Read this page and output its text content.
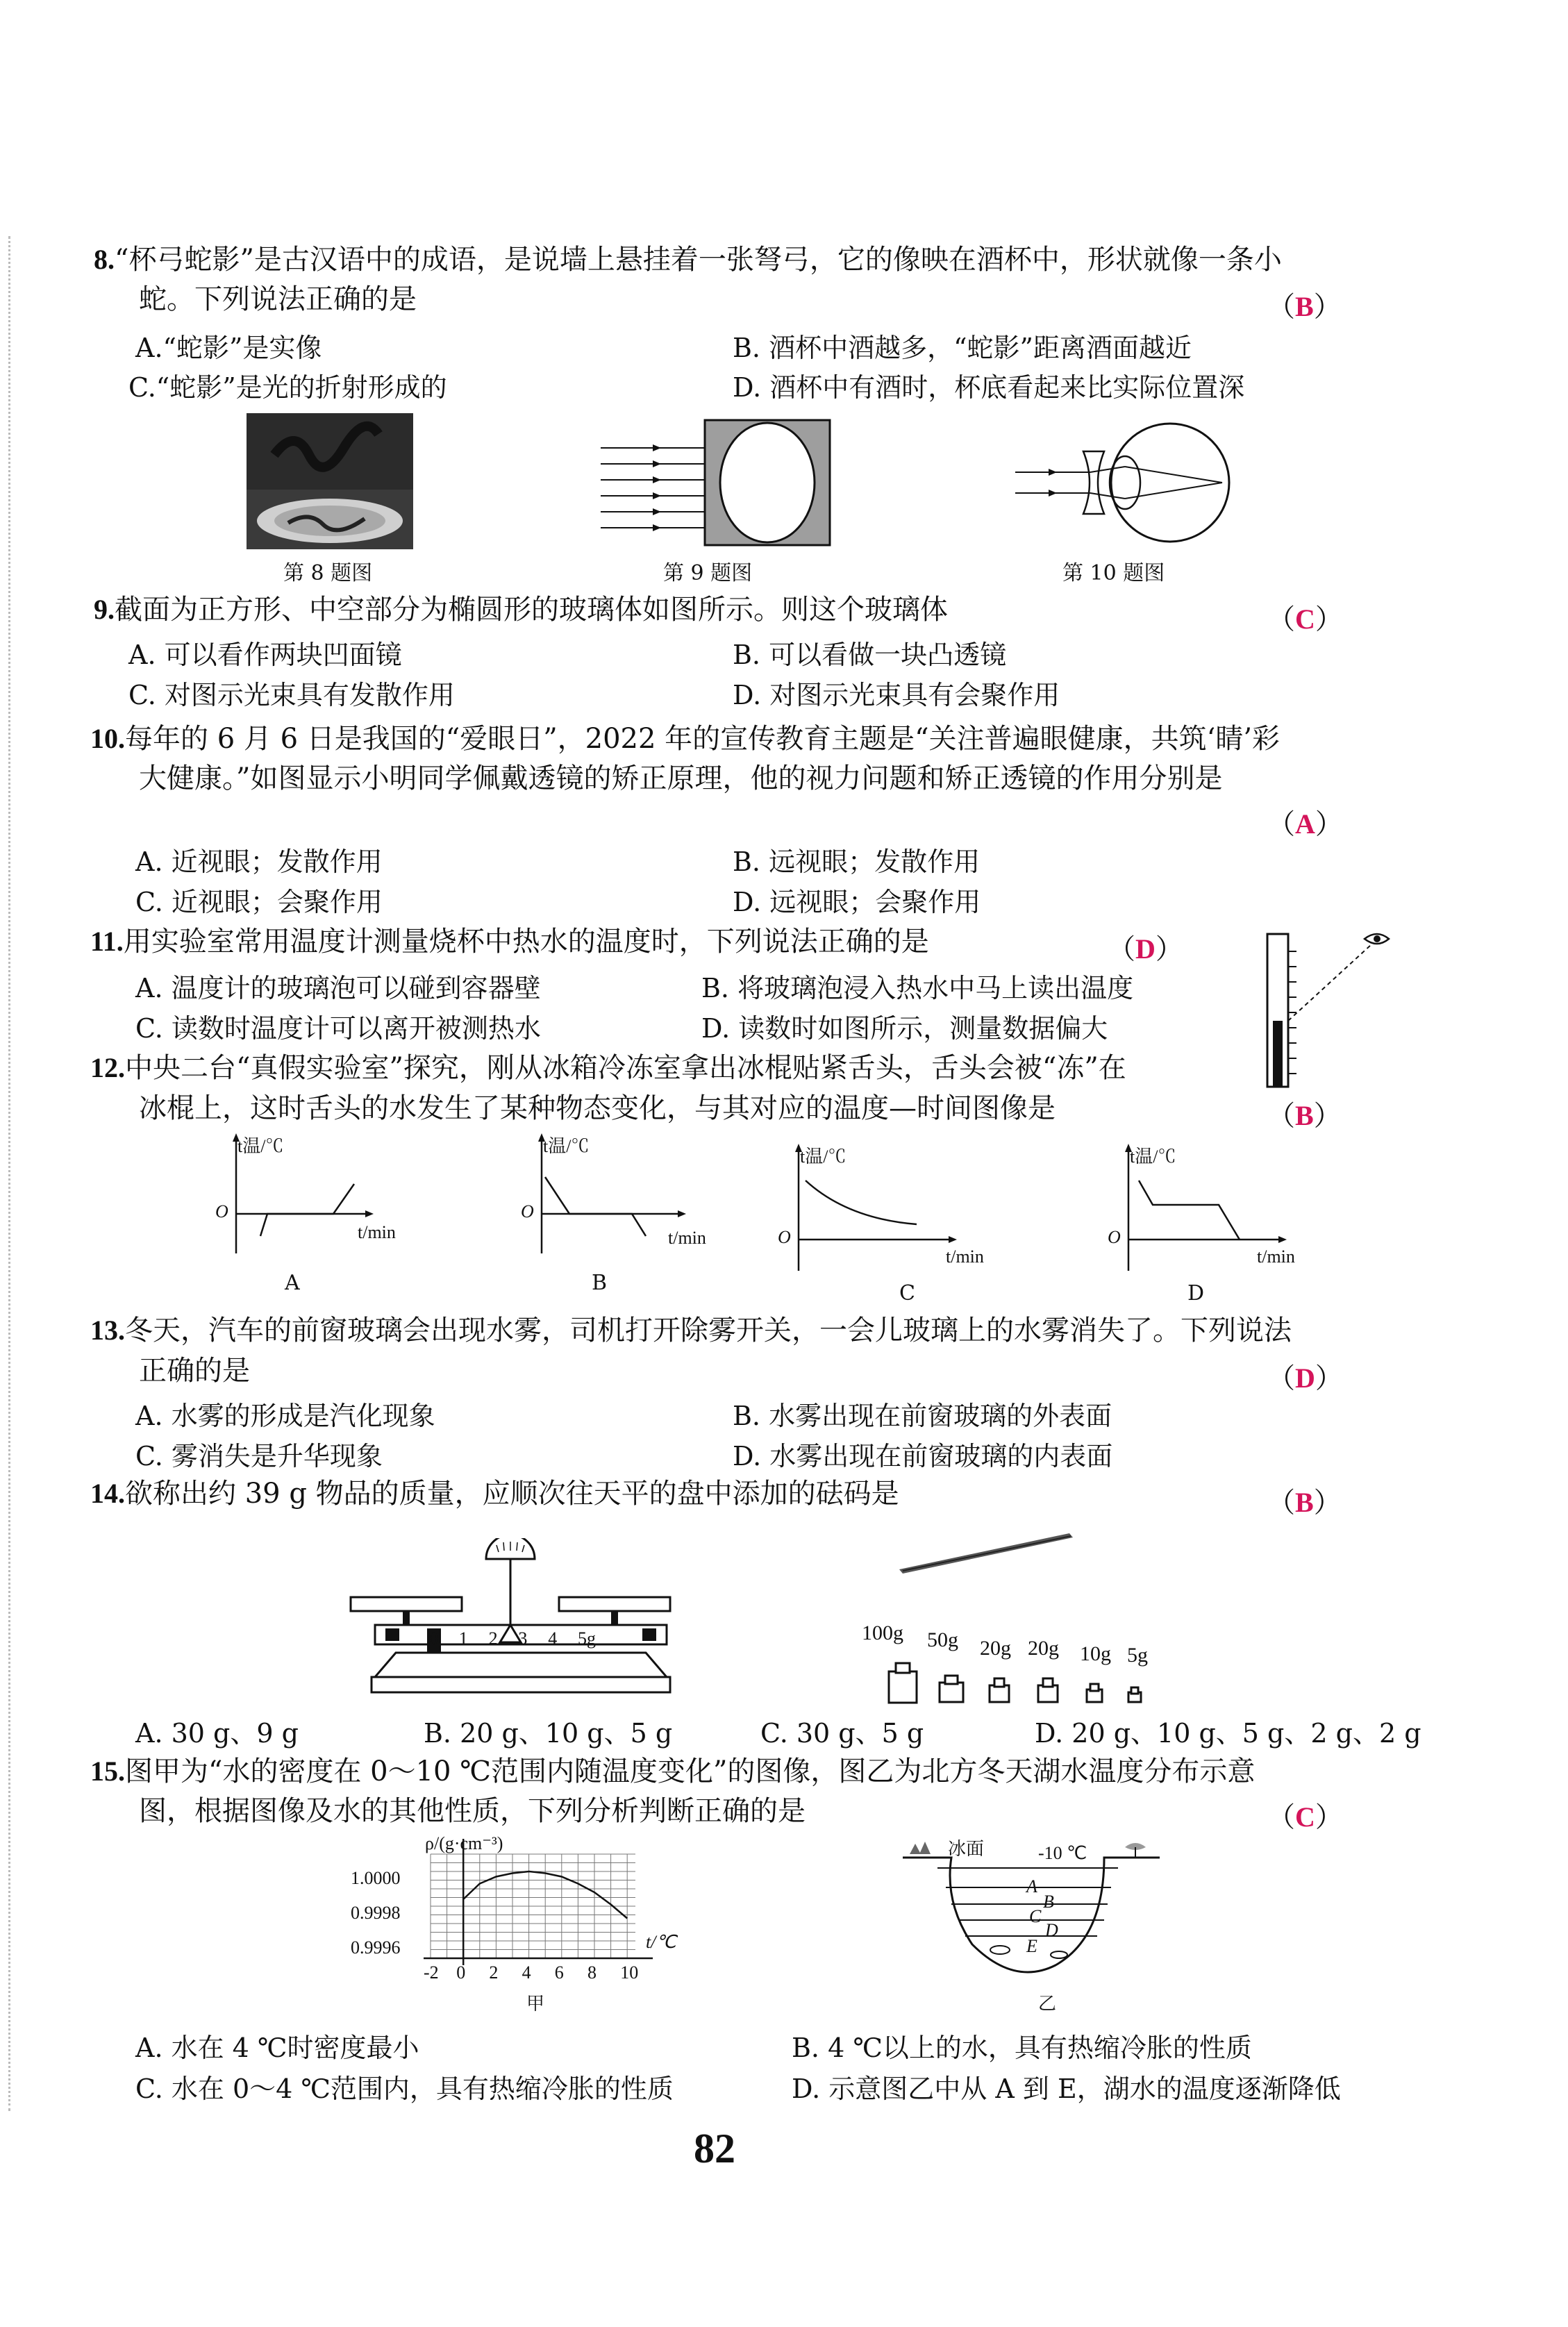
8.“杯弓蛇影”是古汉语中的成语，是说墙上悬挂着一张弩弓，它的像映在酒杯中，形状就像一条小
蛇。下列说法正确的是	（B）
A.“蛇影”是实像	B. 酒杯中酒越多，“蛇影”距离酒面越近
C.“蛇影”是光的折射形成的	D. 酒杯中有酒时，杯底看起来比实际位置深
第 8 题图	第 9 题图	第 10 题图
9.截面为正方形、中空部分为椭圆形的玻璃体如图所示。则这个玻璃体	（C）
A. 可以看作两块凹面镜	B. 可以看做一块凸透镜
C. 对图示光束具有发散作用	D. 对图示光束具有会聚作用
10.每年的 6 月 6 日是我国的“爱眼日”，2022 年的宣传教育主题是“关注普遍眼健康，共筑‘睛’彩
大健康。”如图显示小明同学佩戴透镜的矫正原理，他的视力问题和矫正透镜的作用分别是
（A）
A. 近视眼；发散作用	B. 远视眼；发散作用
C. 近视眼；会聚作用	D. 远视眼；会聚作用
11.用实验室常用温度计测量烧杯中热水的温度时，下列说法正确的是	（D）
A. 温度计的玻璃泡可以碰到容器壁	B. 将玻璃泡浸入热水中马上读出温度
C. 读数时温度计可以离开被测热水	D. 读数时如图所示，测量数据偏大
12.中央二台“真假实验室”探究，刚从冰箱冷冻室拿出冰棍贴紧舌头，舌头会被“冻”在
冰棍上，这时舌头的水发生了某种物态变化，与其对应的温度—时间图像是	（B）
t温/℃
O
t/min
A
t温/℃
O
t/min
B
t温/℃
O
t/min
C
t温/℃
O
t/min
D
13.冬天，汽车的前窗玻璃会出现水雾，司机打开除雾开关，一会儿玻璃上的水雾消失了。下列说法
正确的是	（D）
A. 水雾的形成是汽化现象	B. 水雾出现在前窗玻璃的外表面
C. 雾消失是升华现象	D. 水雾出现在前窗玻璃的内表面
14.欲称出约 39 g 物品的质量，应顺次往天平的盘中添加的砝码是	（B）
0 1 2 3 4 5g	100g 50g 20g 20g 10g 5g
A. 30 g、9 g	B. 20 g、10 g、5 g	C. 30 g、5 g	D. 20 g、10 g、5 g、2 g、2 g
15.图甲为“水的密度在 0～10 ℃范围内随温度变化”的图像，图乙为北方冬天湖水温度分布示意
图，根据图像及水的其他性质，下列分析判断正确的是	（C）
ρ/(g·cm⁻³)
t/℃
1.0000
0.9998
0.9996
-2 0 2 4 6 8 10
甲
冰面	-10 ℃
A
B
C
D
E
乙
A. 水在 4 ℃时密度最小	B. 4 ℃以上的水，具有热缩冷胀的性质
C. 水在 0～4 ℃范围内，具有热缩冷胀的性质	D. 示意图乙中从 A 到 E，湖水的温度逐渐降低
82
